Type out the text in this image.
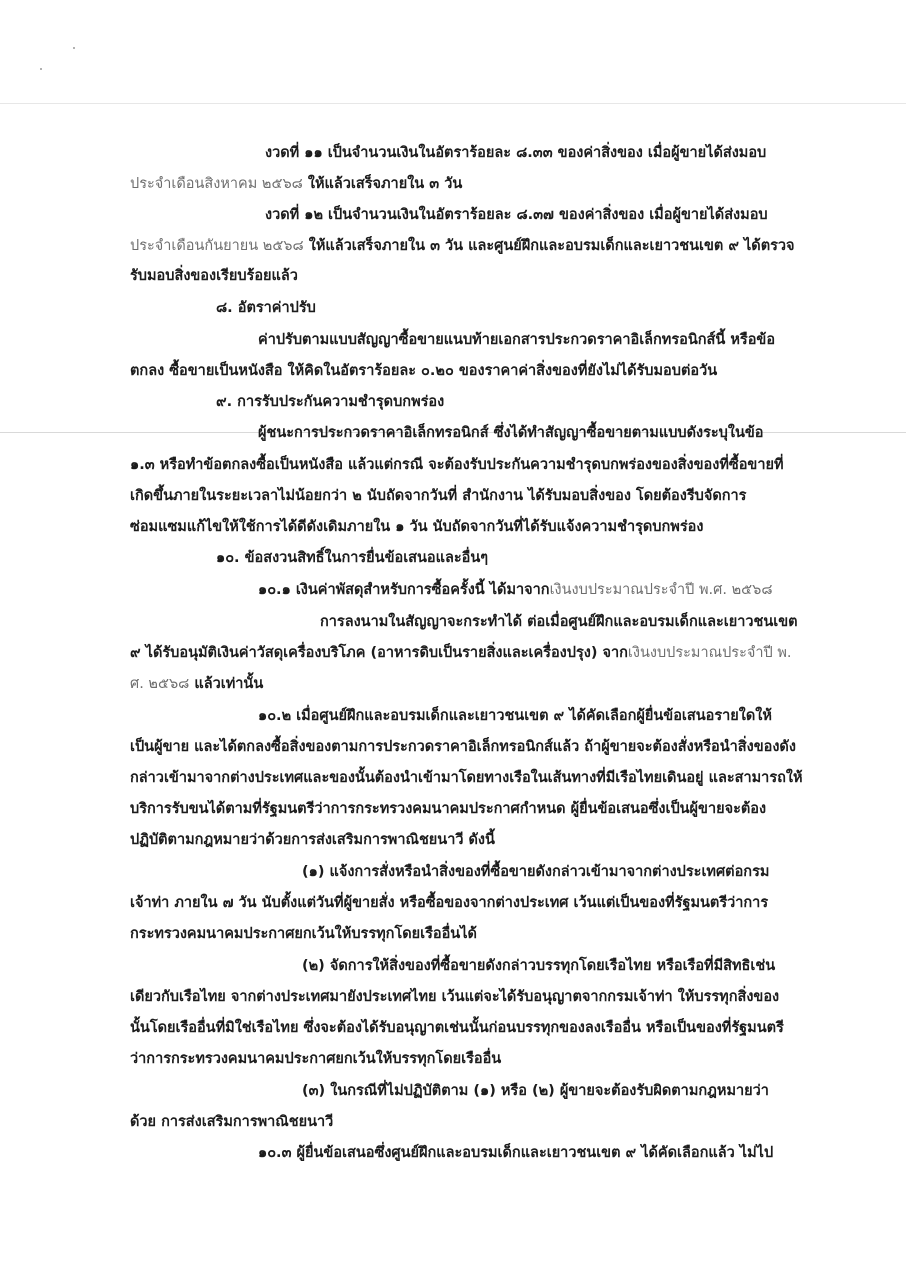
งวดที่ ๑๑ เป็นจำนวนเงินในอัตราร้อยละ ๘.๓๓ ของค่าสิ่งของ เมื่อผู้ขายได้ส่งมอบ
ประจำเดือนสิงหาคม ๒๕๖๘ ให้แล้วเสร็จภายใน ๓ วัน
งวดที่ ๑๒ เป็นจำนวนเงินในอัตราร้อยละ ๘.๓๗ ของค่าสิ่งของ เมื่อผู้ขายได้ส่งมอบ
ประจำเดือนกันยายน ๒๕๖๘ ให้แล้วเสร็จภายใน ๓ วัน และศูนย์ฝึกและอบรมเด็กและเยาวชนเขต ๙ ได้ตรวจ
รับมอบสิ่งของเรียบร้อยแล้ว
๘. อัตราค่าปรับ
ค่าปรับตามแบบสัญญาซื้อขายแนบท้ายเอกสารประกวดราคาอิเล็กทรอนิกส์นี้ หรือข้อ
ตกลง ซื้อขายเป็นหนังสือ ให้คิดในอัตราร้อยละ ๐.๒๐ ของราคาค่าสิ่งของที่ยังไม่ได้รับมอบต่อวัน
๙. การรับประกันความชำรุดบกพร่อง
ผู้ชนะการประกวดราคาอิเล็กทรอนิกส์ ซึ่งได้ทำสัญญาซื้อขายตามแบบดังระบุในข้อ
๑.๓ หรือทำข้อตกลงซื้อเป็นหนังสือ แล้วแต่กรณี จะต้องรับประกันความชำรุดบกพร่องของสิ่งของที่ซื้อขายที่
เกิดขึ้นภายในระยะเวลาไม่น้อยกว่า ๒ นับถัดจากวันที่ สำนักงาน ได้รับมอบสิ่งของ โดยต้องรีบจัดการ
ซ่อมแซมแก้ไขให้ใช้การได้ดีดังเดิมภายใน ๑ วัน นับถัดจากวันที่ได้รับแจ้งความชำรุดบกพร่อง
๑๐. ข้อสงวนสิทธิ์ในการยื่นข้อเสนอและอื่นๆ
๑๐.๑ เงินค่าพัสดุสำหรับการซื้อครั้งนี้ ได้มาจากเงินงบประมาณประจำปี พ.ศ. ๒๕๖๘
การลงนามในสัญญาจะกระทำได้ ต่อเมื่อศูนย์ฝึกและอบรมเด็กและเยาวชนเขต
๙ ได้รับอนุมัติเงินค่าวัสดุเครื่องบริโภค (อาหารดิบเป็นรายสิ่งและเครื่องปรุง) จากเงินงบประมาณประจำปี พ.
ศ. ๒๕๖๘ แล้วเท่านั้น
๑๐.๒ เมื่อศูนย์ฝึกและอบรมเด็กและเยาวชนเขต ๙ ได้คัดเลือกผู้ยื่นข้อเสนอรายใดให้
เป็นผู้ขาย และได้ตกลงซื้อสิ่งของตามการประกวดราคาอิเล็กทรอนิกส์แล้ว ถ้าผู้ขายจะต้องสั่งหรือนำสิ่งของดัง
กล่าวเข้ามาจากต่างประเทศและของนั้นต้องนำเข้ามาโดยทางเรือในเส้นทางที่มีเรือไทยเดินอยู่ และสามารถให้
บริการรับขนได้ตามที่รัฐมนตรีว่าการกระทรวงคมนาคมประกาศกำหนด ผู้ยื่นข้อเสนอซึ่งเป็นผู้ขายจะต้อง
ปฏิบัติตามกฎหมายว่าด้วยการส่งเสริมการพาณิชยนาวี ดังนี้
(๑) แจ้งการสั่งหรือนำสิ่งของที่ซื้อขายดังกล่าวเข้ามาจากต่างประเทศต่อกรม
เจ้าท่า ภายใน ๗ วัน นับตั้งแต่วันที่ผู้ขายสั่ง หรือซื้อของจากต่างประเทศ เว้นแต่เป็นของที่รัฐมนตรีว่าการ
กระทรวงคมนาคมประกาศยกเว้นให้บรรทุกโดยเรืออื่นได้
(๒) จัดการให้สิ่งของที่ซื้อขายดังกล่าวบรรทุกโดยเรือไทย หรือเรือที่มีสิทธิเช่น
เดียวกับเรือไทย จากต่างประเทศมายังประเทศไทย เว้นแต่จะได้รับอนุญาตจากกรมเจ้าท่า ให้บรรทุกสิ่งของ
นั้นโดยเรืออื่นที่มิใช่เรือไทย ซึ่งจะต้องได้รับอนุญาตเช่นนั้นก่อนบรรทุกของลงเรืออื่น หรือเป็นของที่รัฐมนตรี
ว่าการกระทรวงคมนาคมประกาศยกเว้นให้บรรทุกโดยเรืออื่น
(๓) ในกรณีที่ไม่ปฏิบัติตาม (๑) หรือ (๒) ผู้ขายจะต้องรับผิดตามกฎหมายว่า
ด้วย การส่งเสริมการพาณิชยนาวี
๑๐.๓ ผู้ยื่นข้อเสนอซึ่งศูนย์ฝึกและอบรมเด็กและเยาวชนเขต ๙ ได้คัดเลือกแล้ว ไม่ไป
